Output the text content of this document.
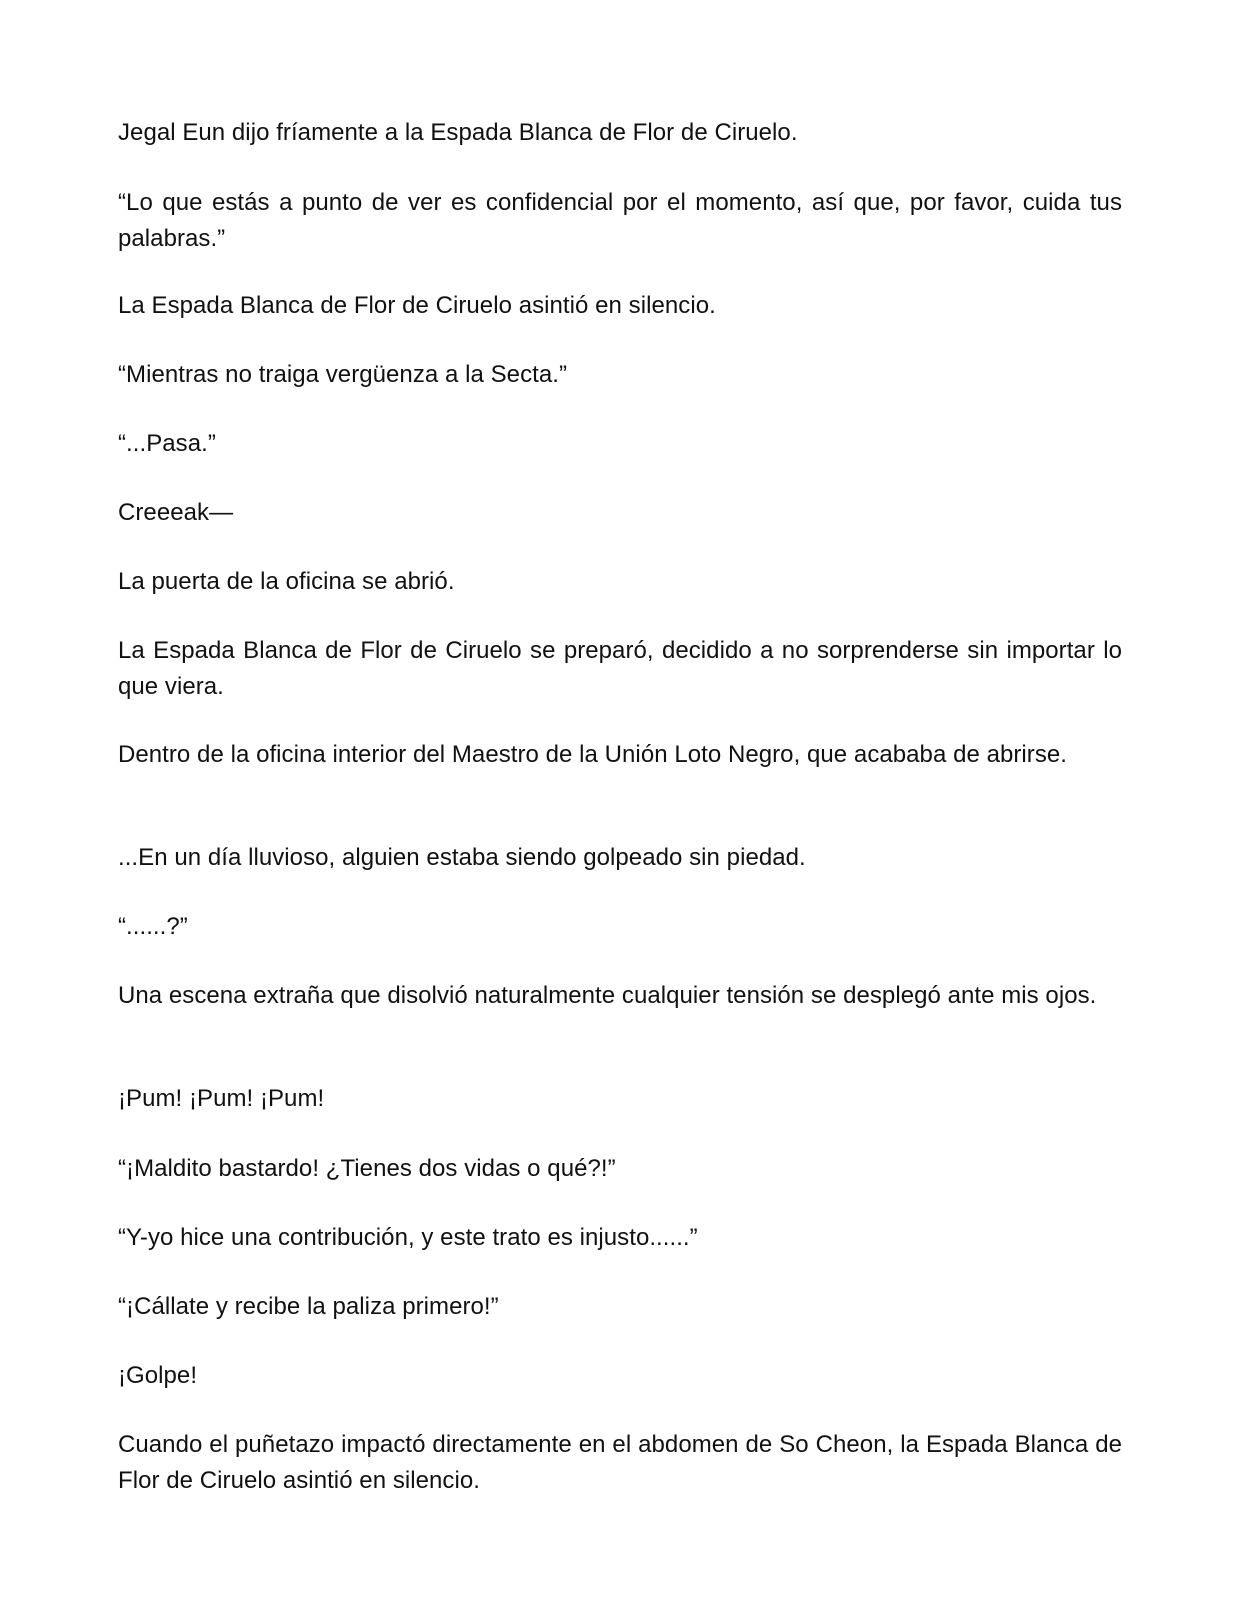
Jegal Eun dijo fríamente a la Espada Blanca de Flor de Ciruelo.

“Lo que estás a punto de ver es confidencial por el momento, así que, por favor, cuida tus palabras.”

La Espada Blanca de Flor de Ciruelo asintió en silencio.

“Mientras no traiga vergüenza a la Secta.”

“...Pasa.”

Creeeak—

La puerta de la oficina se abrió.

La Espada Blanca de Flor de Ciruelo se preparó, decidido a no sorprenderse sin importar lo que viera.

Dentro de la oficina interior del Maestro de la Unión Loto Negro, que acababa de abrirse.

...En un día lluvioso, alguien estaba siendo golpeado sin piedad.

“......?”

Una escena extraña que disolvió naturalmente cualquier tensión se desplegó ante mis ojos.

¡Pum! ¡Pum! ¡Pum!

“¡Maldito bastardo! ¿Tienes dos vidas o qué?!”

“Y-yo hice una contribución, y este trato es injusto......”

“¡Cállate y recibe la paliza primero!”

¡Golpe!

Cuando el puñetazo impactó directamente en el abdomen de So Cheon, la Espada Blanca de Flor de Ciruelo asintió en silencio.
